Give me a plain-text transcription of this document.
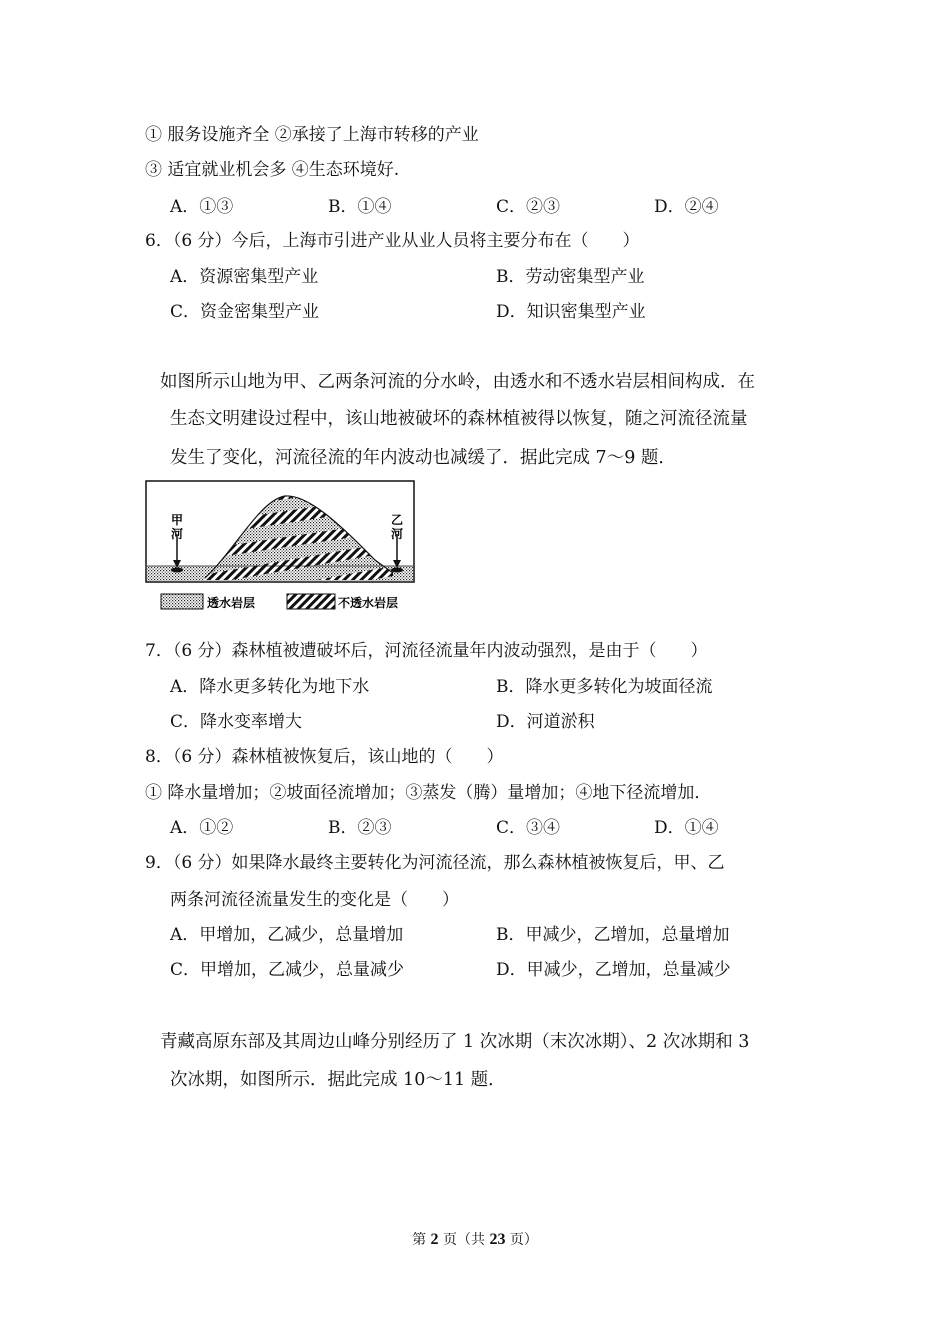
① 服务设施齐全 ②承接了上海市转移的产业
③ 适宜就业机会多 ④生态环境好.
A．①③	B．①④	C．②③	D．②④
6．（6 分）今后，上海市引进产业从业人员将主要分布在（　　）
A．资源密集型产业	B．劳动密集型产业
C．资金密集型产业	D．知识密集型产业
如图所示山地为甲、乙两条河流的分水岭，由透水和不透水岩层相间构成．在
生态文明建设过程中，该山地被破坏的森林植被得以恢复，随之河流径流量
发生了变化，河流径流的年内波动也减缓了．据此完成 7～9 题．
甲
河
乙
河
透水岩层	不透水岩层
7．（6 分）森林植被遭破坏后，河流径流量年内波动强烈，是由于（　　）
A．降水更多转化为地下水	B．降水更多转化为坡面径流
C．降水变率增大	D．河道淤积
8．（6 分）森林植被恢复后，该山地的（　　）
① 降水量增加；②坡面径流增加；③蒸发（腾）量增加；④地下径流增加．
A．①②	B．②③	C．③④	D．①④
9．（6 分）如果降水最终主要转化为河流径流，那么森林植被恢复后，甲、乙
两条河流径流量发生的变化是（　　）
A．甲增加，乙减少，总量增加	B．甲减少，乙增加，总量增加
C．甲增加，乙减少，总量减少	D．甲减少，乙增加，总量减少
青藏高原东部及其周边山峰分别经历了 1 次冰期（末次冰期）、2 次冰期和 3
次冰期，如图所示．据此完成 10～11 题．
第 2 页（共 23 页）
